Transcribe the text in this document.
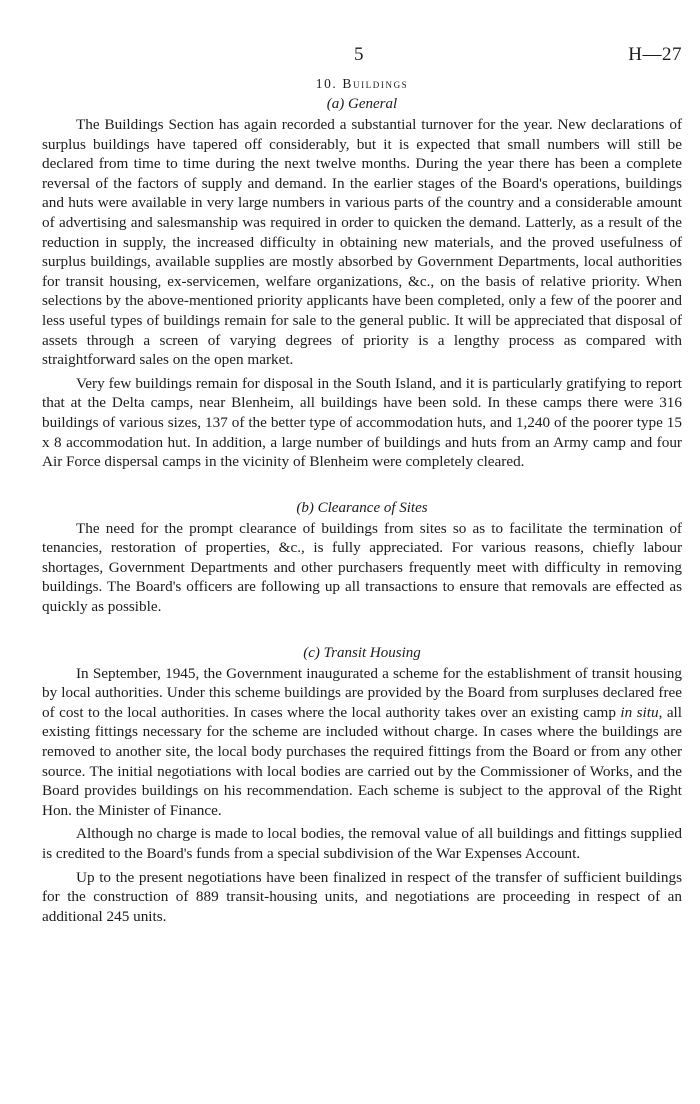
5	H—27
10. Buildings
(a) General

The Buildings Section has again recorded a substantial turnover for the year. New declarations of surplus buildings have tapered off considerably, but it is expected that small numbers will still be declared from time to time during the next twelve months. During the year there has been a complete reversal of the factors of supply and demand. In the earlier stages of the Board's operations, buildings and huts were available in very large numbers in various parts of the country and a considerable amount of advertising and salesmanship was required in order to quicken the demand. Latterly, as a result of the reduction in supply, the increased difficulty in obtaining new materials, and the proved usefulness of surplus buildings, available supplies are mostly absorbed by Government Departments, local authorities for transit housing, ex-servicemen, welfare organizations, &c., on the basis of relative priority. When selections by the above-mentioned priority applicants have been completed, only a few of the poorer and less useful types of buildings remain for sale to the general public. It will be appreciated that disposal of assets through a screen of varying degrees of priority is a lengthy process as compared with straightforward sales on the open market.

Very few buildings remain for disposal in the South Island, and it is particularly gratifying to report that at the Delta camps, near Blenheim, all buildings have been sold. In these camps there were 316 buildings of various sizes, 137 of the better type of accommodation huts, and 1,240 of the poorer type 15 x 8 accommodation hut. In addition, a large number of buildings and huts from an Army camp and four Air Force dispersal camps in the vicinity of Blenheim were completely cleared.

(b) Clearance of Sites

The need for the prompt clearance of buildings from sites so as to facilitate the termination of tenancies, restoration of properties, &c., is fully appreciated. For various reasons, chiefly labour shortages, Government Departments and other purchasers frequently meet with difficulty in removing buildings. The Board's officers are following up all transactions to ensure that removals are effected as quickly as possible.

(c) Transit Housing

In September, 1945, the Government inaugurated a scheme for the establishment of transit housing by local authorities. Under this scheme buildings are provided by the Board from surpluses declared free of cost to the local authorities. In cases where the local authority takes over an existing camp in situ, all existing fittings necessary for the scheme are included without charge. In cases where the buildings are removed to another site, the local body purchases the required fittings from the Board or from any other source. The initial negotiations with local bodies are carried out by the Commissioner of Works, and the Board provides buildings on his recommendation. Each scheme is subject to the approval of the Right Hon. the Minister of Finance.

Although no charge is made to local bodies, the removal value of all buildings and fittings supplied is credited to the Board's funds from a special subdivision of the War Expenses Account.

Up to the present negotiations have been finalized in respect of the transfer of sufficient buildings for the construction of 889 transit-housing units, and negotiations are proceeding in respect of an additional 245 units.
